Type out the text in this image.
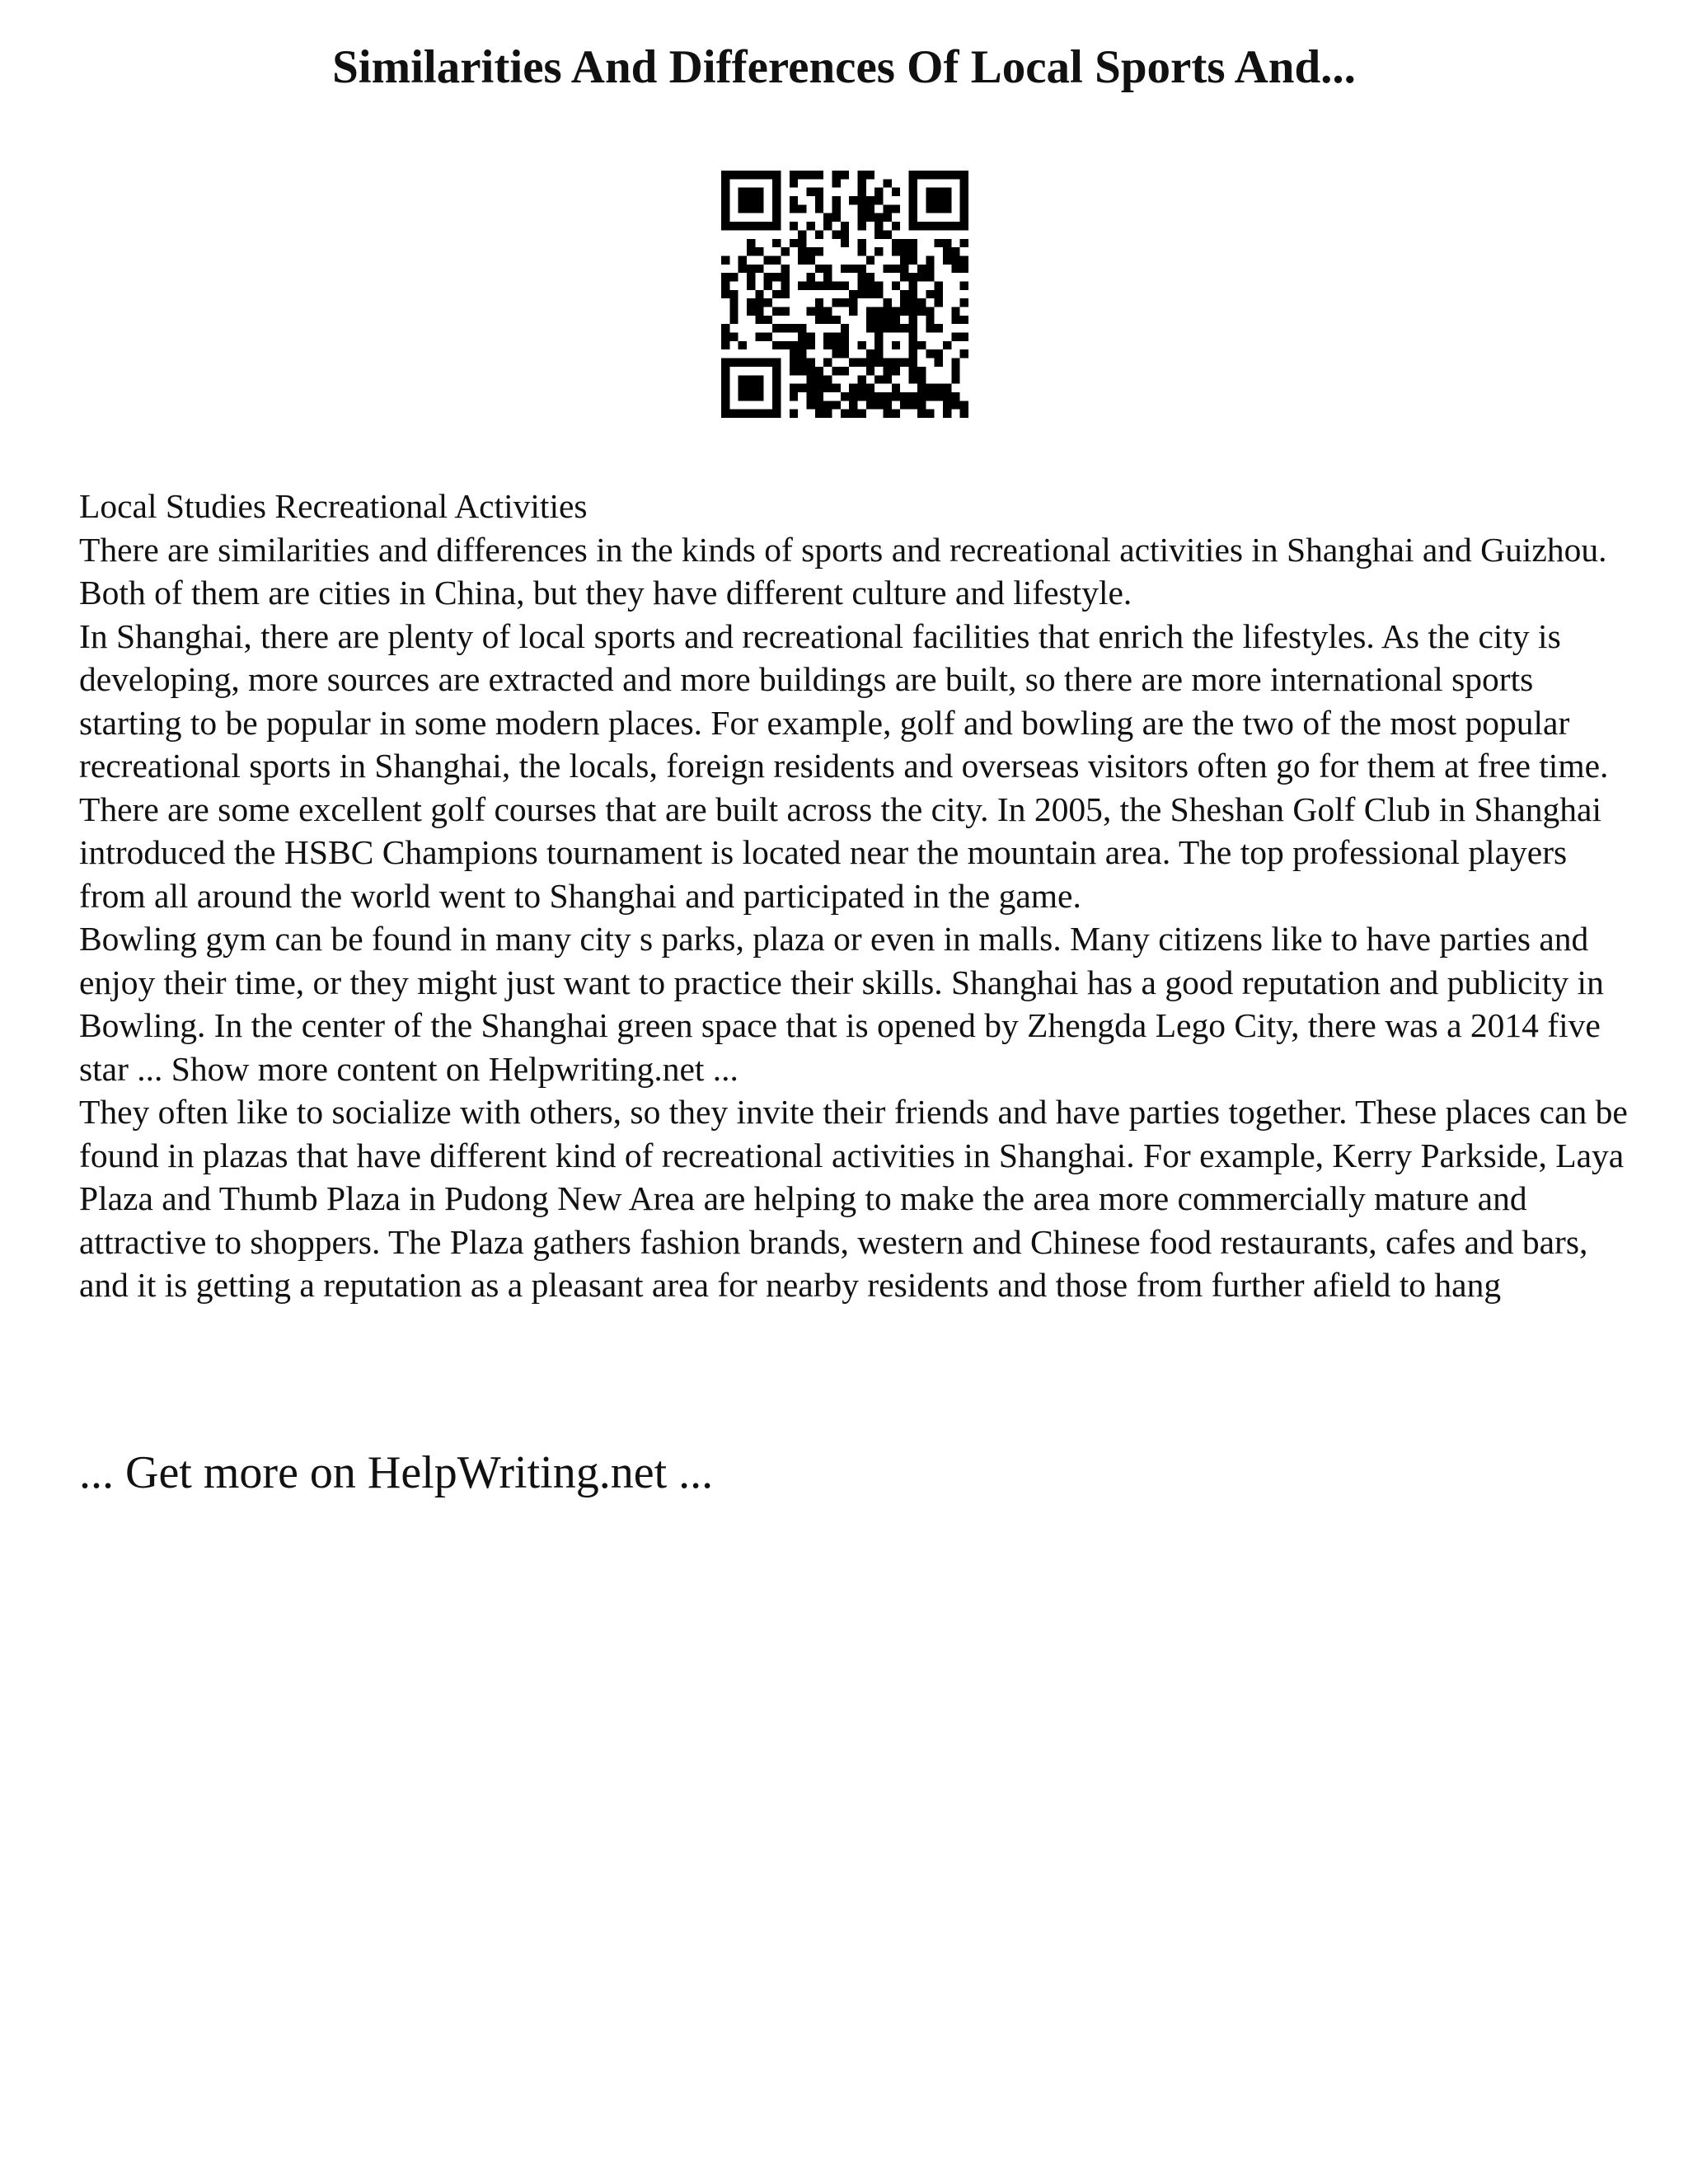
Similarities And Differences Of Local Sports And...

Local Studies Recreational Activities

There are similarities and differences in the kinds of sports and recreational activities in Shanghai and Guizhou. Both of them are cities in China, but they have different culture and lifestyle.

In Shanghai, there are plenty of local sports and recreational facilities that enrich the lifestyles. As the city is developing, more sources are extracted and more buildings are built, so there are more international sports starting to be popular in some modern places. For example, golf and bowling are the two of the most popular recreational sports in Shanghai, the locals, foreign residents and overseas visitors often go for them at free time.

There are some excellent golf courses that are built across the city. In 2005, the Sheshan Golf Club in Shanghai introduced the HSBC Champions tournament is located near the mountain area. The top professional players from all around the world went to Shanghai and participated in the game.

Bowling gym can be found in many city s parks, plaza or even in malls. Many citizens like to have parties and enjoy their time, or they might just want to practice their skills. Shanghai has a good reputation and publicity in Bowling. In the center of the Shanghai green space that is opened by Zhengda Lego City, there was a 2014 five star ... Show more content on Helpwriting.net ...

They often like to socialize with others, so they invite their friends and have parties together. These places can be found in plazas that have different kind of recreational activities in Shanghai. For example, Kerry Parkside, Laya Plaza and Thumb Plaza in Pudong New Area are helping to make the area more commercially mature and attractive to shoppers. The Plaza gathers fashion brands, western and Chinese food restaurants, cafes and bars, and it is getting a reputation as a pleasant area for nearby residents and those from further afield to hang

... Get more on HelpWriting.net ...
